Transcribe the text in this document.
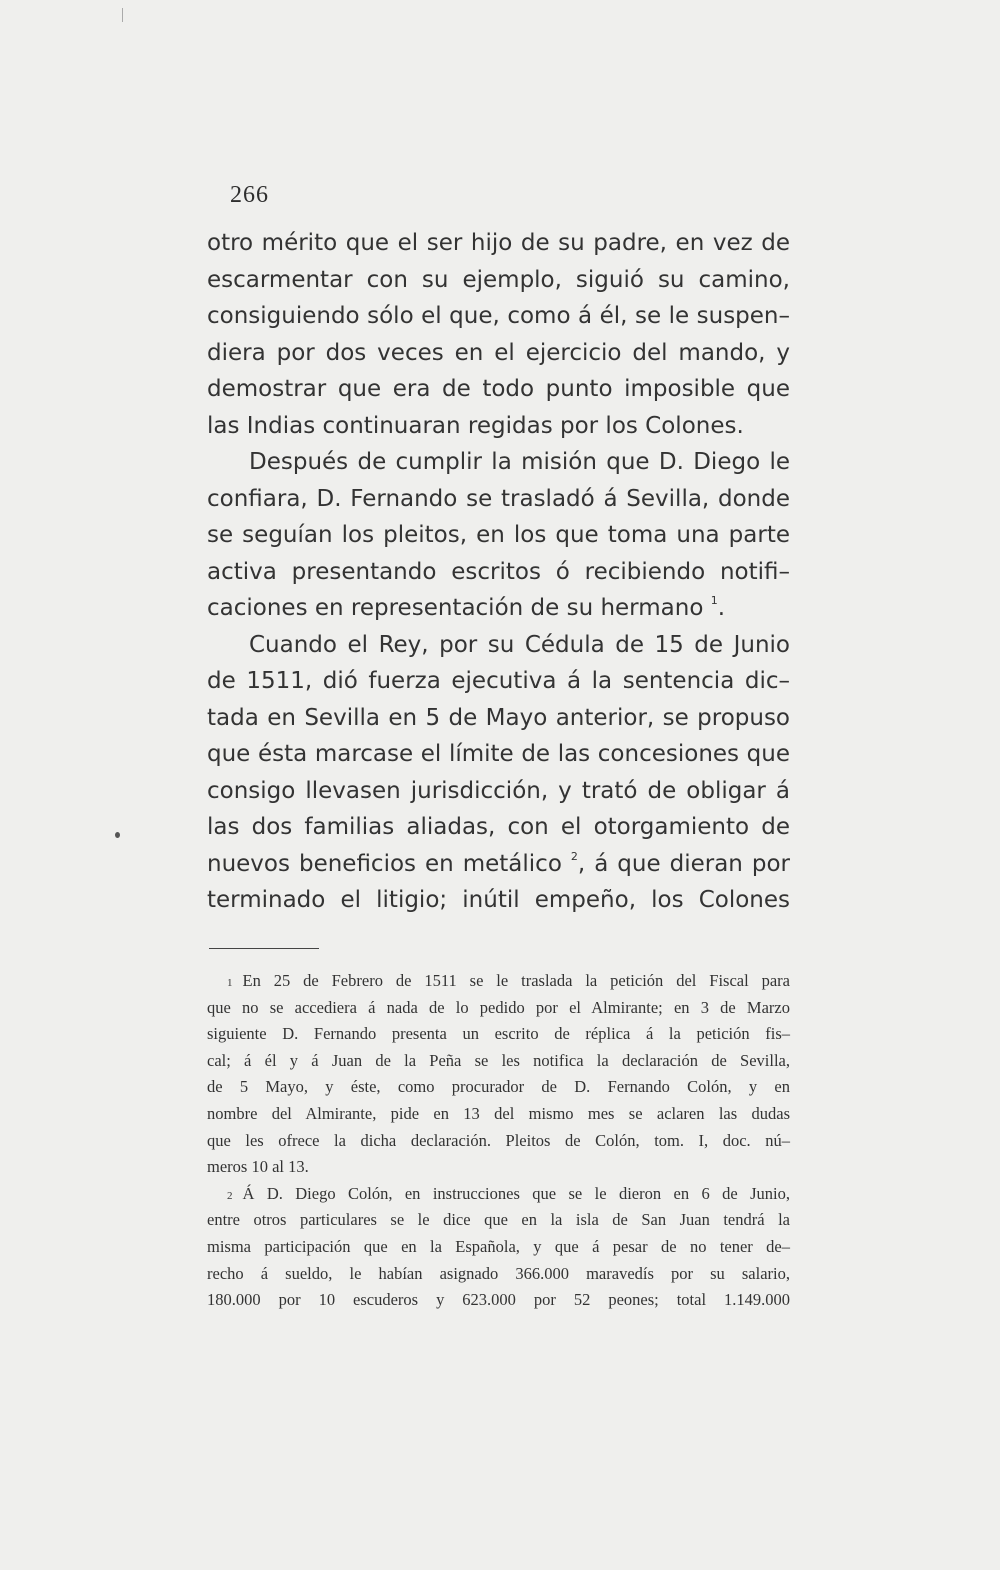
266
otro mérito que el ser hijo de su padre, en vez de
escarmentar con su ejemplo, siguió su camino,
consiguiendo sólo el que, como á él, se le suspen–
diera por dos veces en el ejercicio del mando, y
demostrar que era de todo punto imposible que
las Indias continuaran regidas por los Colones.
Después de cumplir la misión que D. Diego le
confiara, D. Fernando se trasladó á Sevilla, donde
se seguían los pleitos, en los que toma una parte
activa presentando escritos ó recibiendo notifi–
caciones en representación de su hermano $^1$.
Cuando el Rey, por su Cédula de 15 de Junio
de 1511, dió fuerza ejecutiva á la sentencia dic–
tada en Sevilla en 5 de Mayo anterior, se propuso
que ésta marcase el límite de las concesiones que
consigo llevasen jurisdicción, y trató de obligar á
las dos familias aliadas, con el otorgamiento de
nuevos beneficios en metálico $^2$, á que dieran por
terminado el litigio; inútil empeño, los Colones
1 En 25 de Febrero de 1511 se le traslada la petición del Fiscal para
que no se accediera á nada de lo pedido por el Almirante; en 3 de Marzo
siguiente D. Fernando presenta un escrito de réplica á la petición fis–
cal; á él y á Juan de la Peña se les notifica la declaración de Sevilla,
de 5 Mayo, y éste, como procurador de D. Fernando Colón, y en
nombre del Almirante, pide en 13 del mismo mes se aclaren las dudas
que les ofrece la dicha declaración. Pleitos de Colón, tom. I, doc. nú–
meros 10 al 13.
2 Á D. Diego Colón, en instrucciones que se le dieron en 6 de Junio,
entre otros particulares se le dice que en la isla de San Juan tendrá la
misma participación que en la Española, y que á pesar de no tener de–
recho á sueldo, le habían asignado 366.000 maravedís por su salario,
180.000 por 10 escuderos y 623.000 por 52 peones; total 1.149.000
